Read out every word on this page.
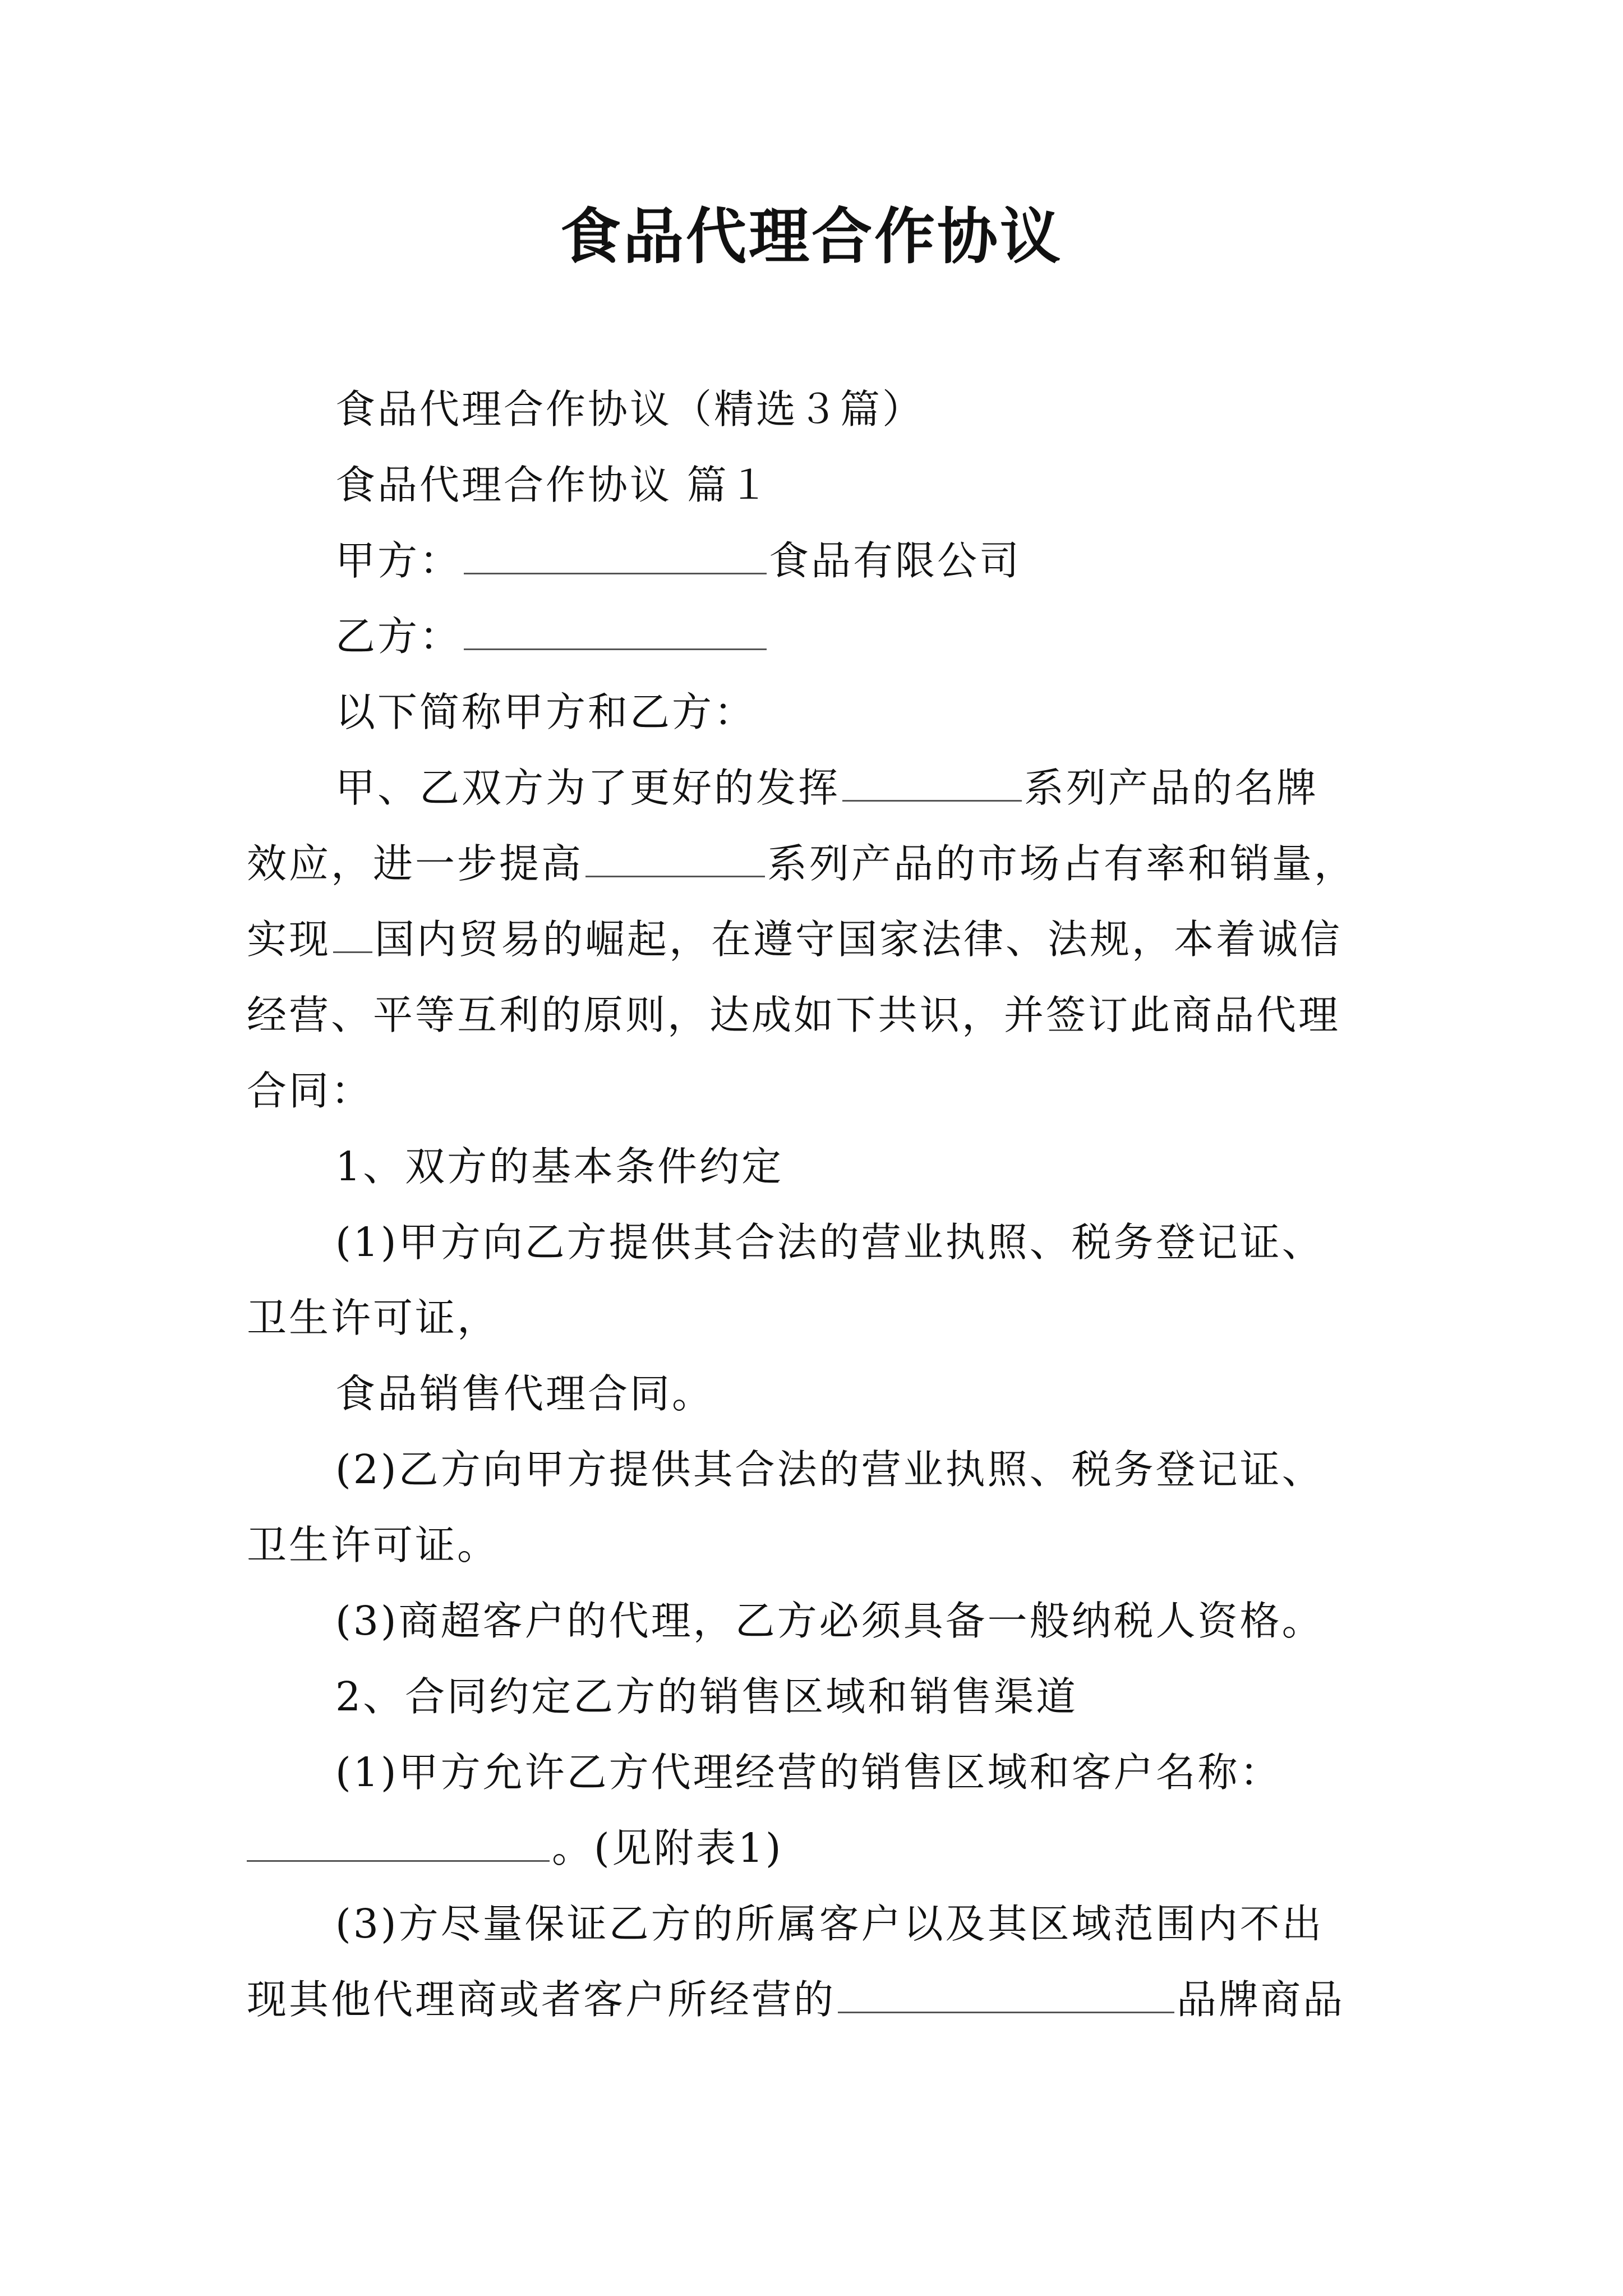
食品代理合作协议
食品代理合作协议（精选３篇）
食品代理合作协议 篇１
甲方：	食品有限公司
乙方：
以下简称甲方和乙方：
甲、乙双方为了更好的发挥	系列产品的名牌
效应，进一步提高	系列产品的市场占有率和销量，
实现 国内贸易的崛起，在遵守国家法律、法规，本着诚信
经营、平等互利的原则，达成如下共识，并签订此商品代理
合同：
1、双方的基本条件约定
(1)甲方向乙方提供其合法的营业执照、税务登记证、
卫生许可证，
食品销售代理合同。
(2)乙方向甲方提供其合法的营业执照、税务登记证、
卫生许可证。
(3)商超客户的代理，乙方必须具备一般纳税人资格。
2、合同约定乙方的销售区域和销售渠道
(1)甲方允许乙方代理经营的销售区域和客户名称：
。(见附表1)
(3)方尽量保证乙方的所属客户以及其区域范围内不出
现其他代理商或者客户所经营的	品牌商品
